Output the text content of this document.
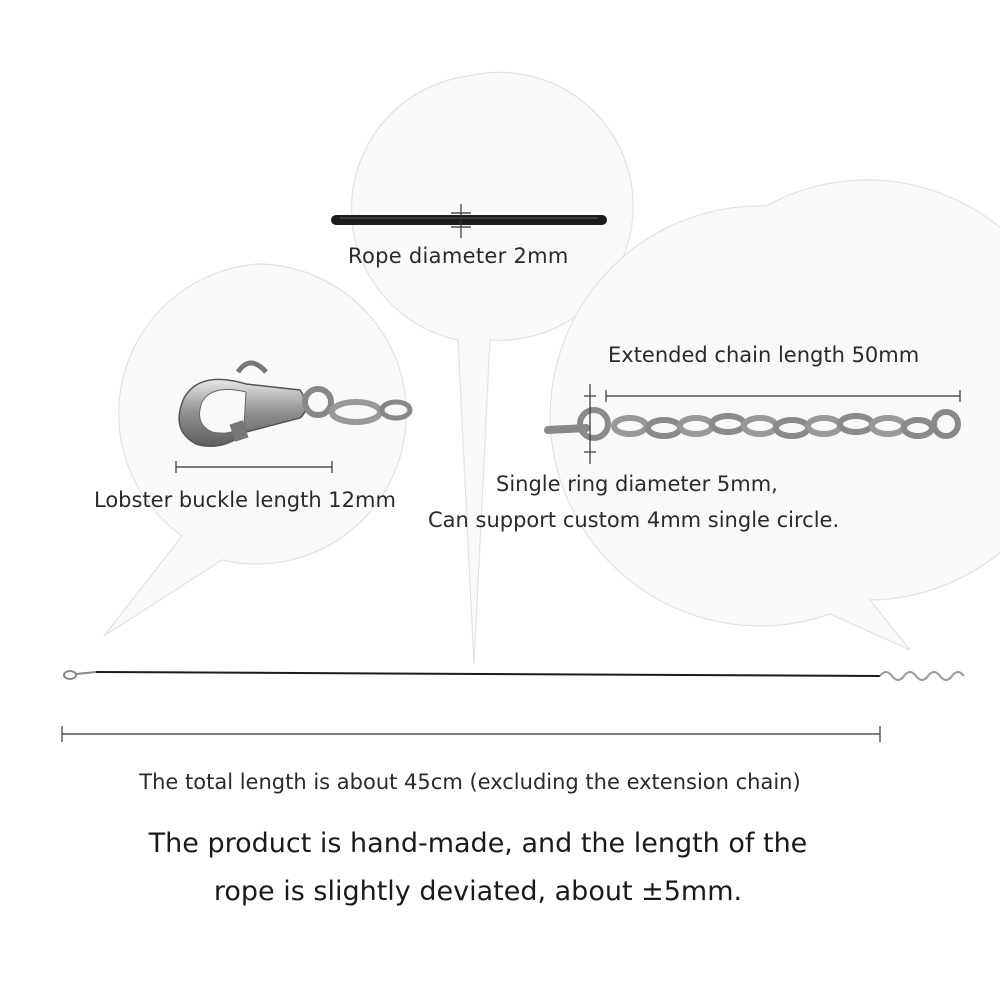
Rope diameter 2mm
Lobster buckle length 12mm
Extended chain length 50mm
Single ring diameter 5mm,
Can support custom 4mm single circle.
The total length is about 45cm (excluding the extension chain)
The product is hand-made, and the length of the
rope is slightly deviated, about ±5mm.
